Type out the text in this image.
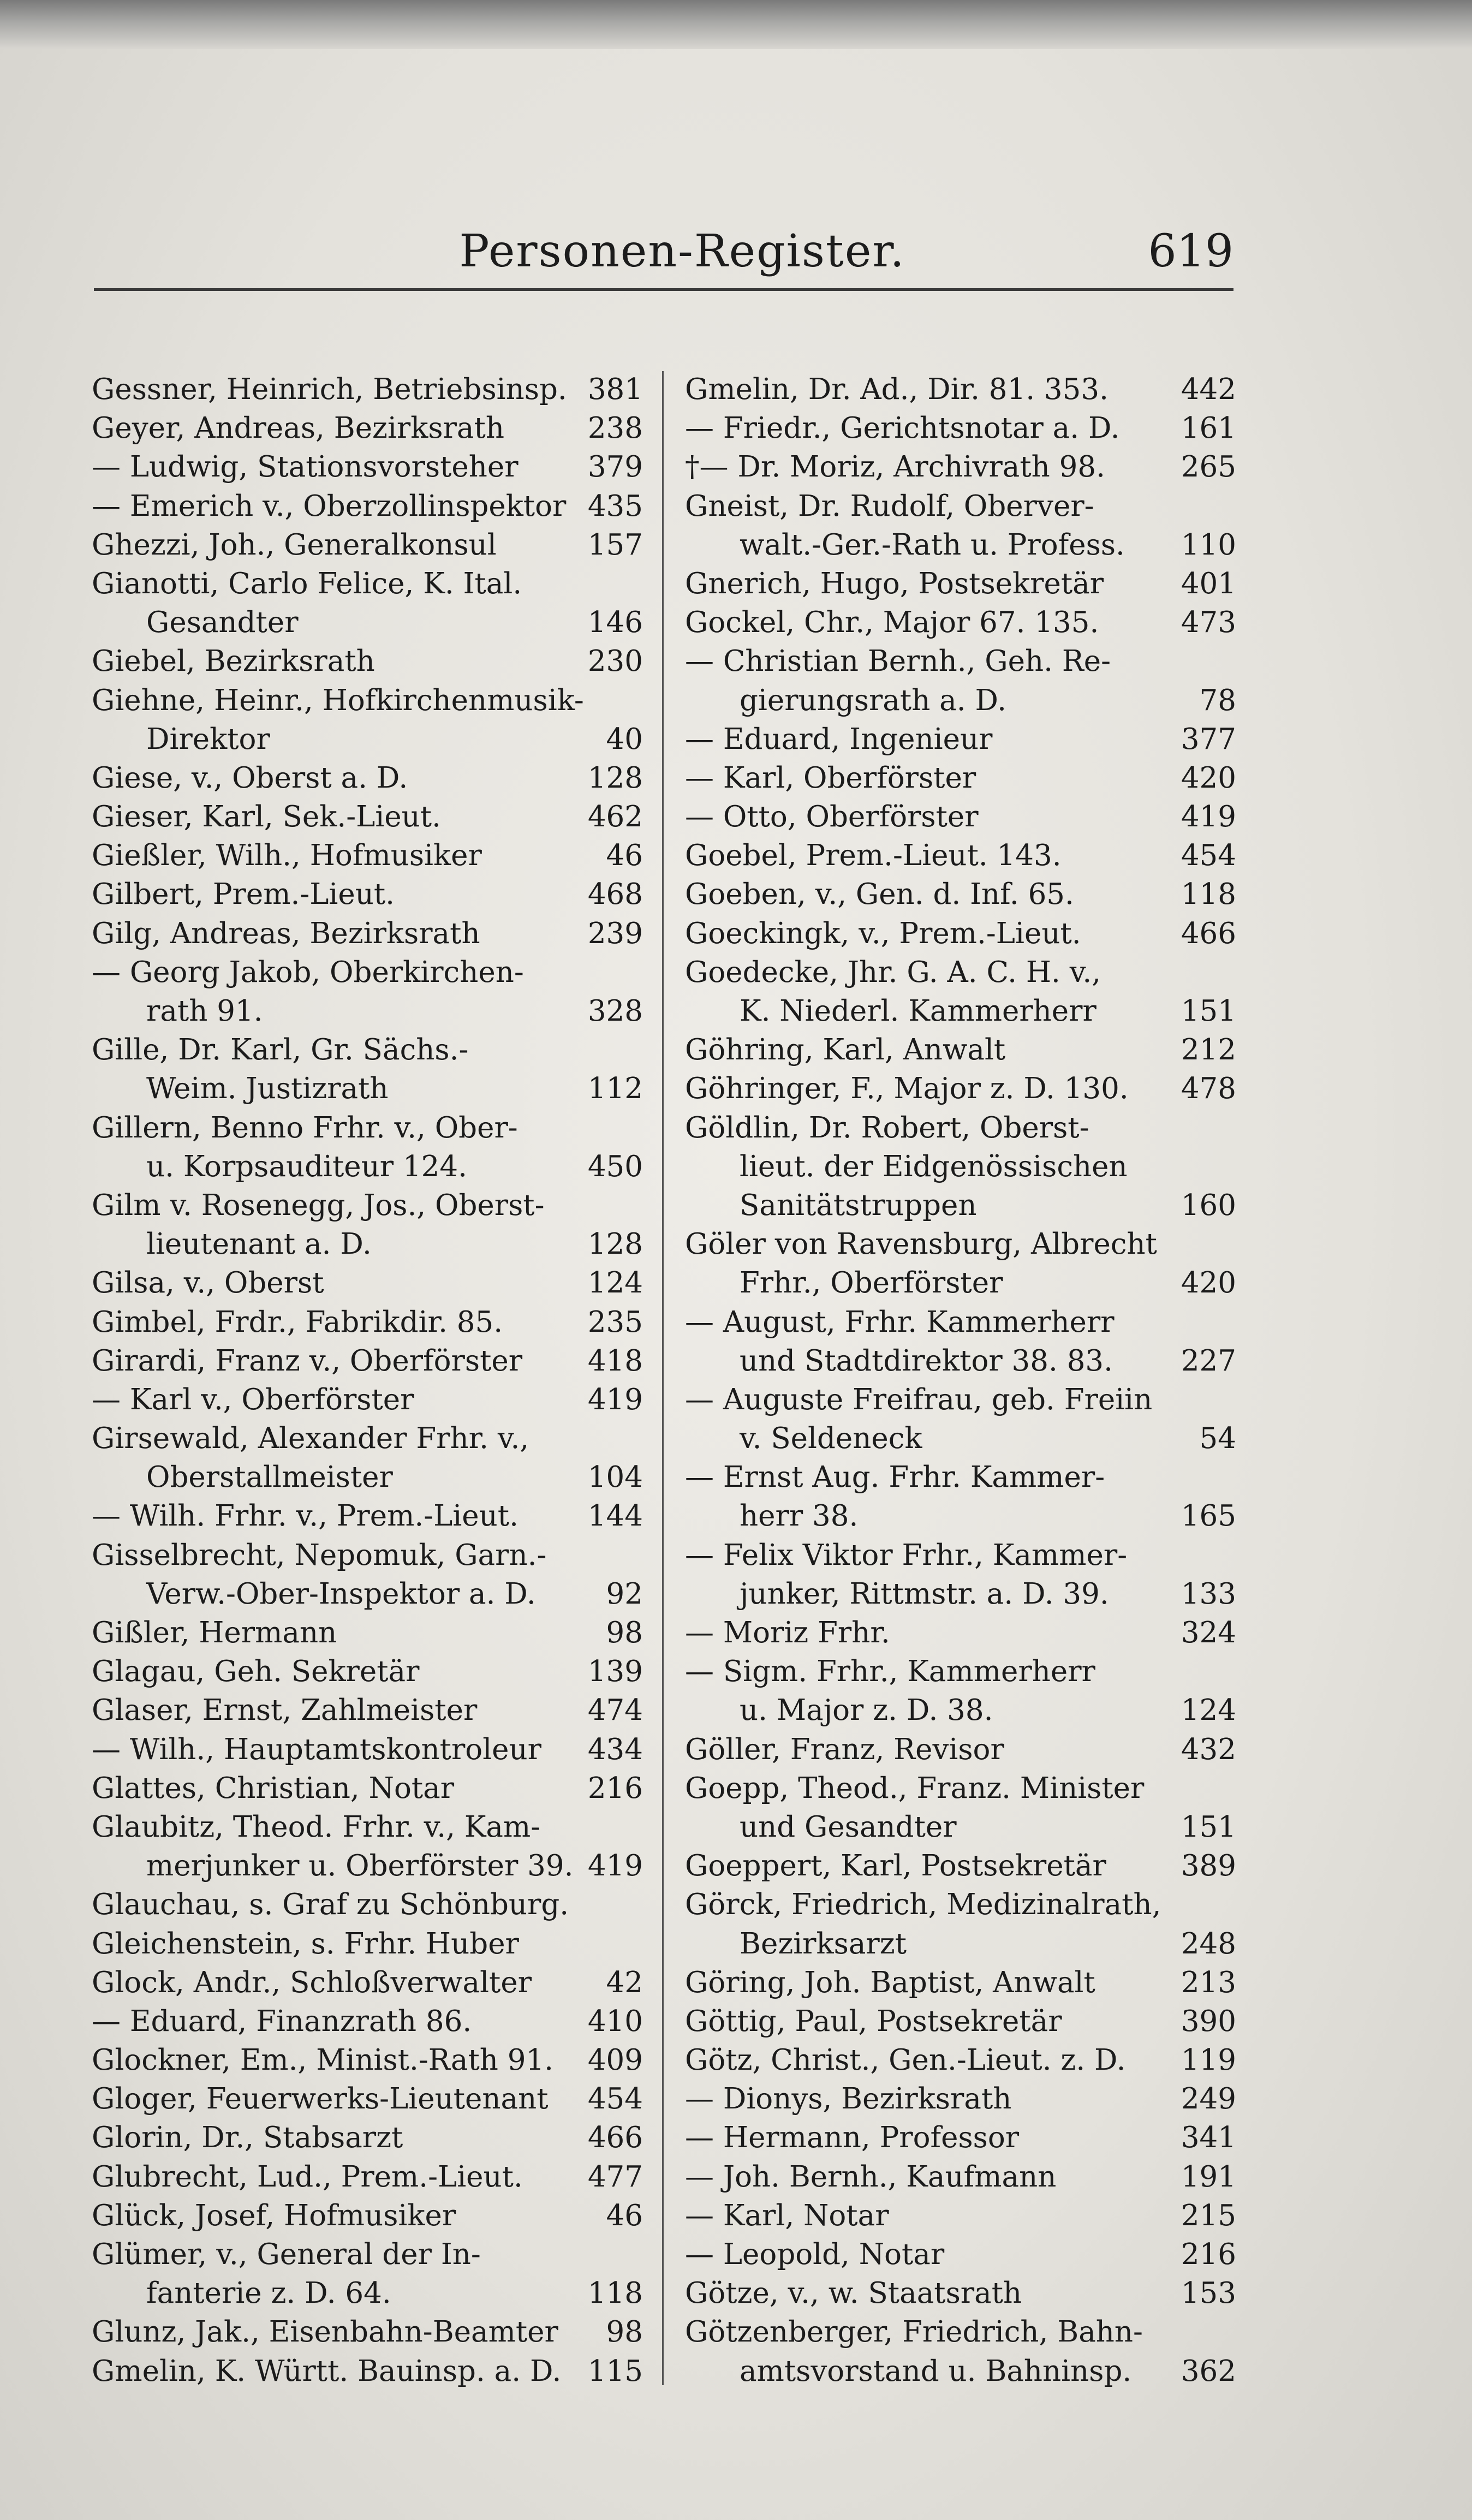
Personen-Register.	619
Gessner, Heinrich, Betriebsinsp. 381
Geyer, Andreas, Bezirksrath	238
— Ludwig, Stationsvorsteher 379
— Emerich v., Oberzollinspektor 435
Ghezzi, Joh., Generalkonsul	157
Gianotti, Carlo Felice, K. Ital.
Gesandter	146
Giebel, Bezirksrath	230
Giehne, Heinr., Hofkirchenmusik-
Direktor	40
Giese, v., Oberst a. D.	128
Gieser, Karl, Sek.-Lieut.	462
Gießler, Wilh., Hofmusiker	46
Gilbert, Prem.-Lieut.	468
Gilg, Andreas, Bezirksrath	239
— Georg Jakob, Oberkirchen-
rath 91.	328
Gille, Dr. Karl, Gr. Sächs.-
Weim. Justizrath	112
Gillern, Benno Frhr. v., Ober-
u. Korpsauditeur 124.	450
Gilm v. Rosenegg, Jos., Oberst-
lieutenant a. D.	128
Gilsa, v., Oberst	124
Gimbel, Frdr., Fabrikdir. 85.	235
Girardi, Franz v., Oberförster 418
— Karl v., Oberförster	419
Girsewald, Alexander Frhr. v.,
Oberstallmeister	104
— Wilh. Frhr. v., Prem.-Lieut. 144
Gisselbrecht, Nepomuk, Garn.-
Verw.-Ober-Inspektor a. D. 92
Gißler, Hermann	98
Glagau, Geh. Sekretär	139
Glaser, Ernst, Zahlmeister	474
— Wilh., Hauptamtskontroleur 434
Glattes, Christian, Notar	216
Glaubitz, Theod. Frhr. v., Kam-
merjunker u. Oberförster 39. 419
Glauchau, s. Graf zu Schönburg.
Gleichenstein, s. Frhr. Huber
Glock, Andr., Schloßverwalter	42
— Eduard, Finanzrath 86.	410
Glockner, Em., Minist.-Rath 91. 409
Gloger, Feuerwerks-Lieutenant 454
Glorin, Dr., Stabsarzt	466
Glubrecht, Lud., Prem.-Lieut. 477
Glück, Josef, Hofmusiker	46
Glümer, v., General der In-
fanterie z. D. 64.	118
Glunz, Jak., Eisenbahn-Beamter 98
Gmelin, K. Württ. Bauinsp. a. D. 115
Gmelin, Dr. Ad., Dir. 81. 353.	442
— Friedr., Gerichtsnotar a. D. 161
†— Dr. Moriz, Archivrath 98.	265
Gneist, Dr. Rudolf, Oberver-
walt.-Ger.-Rath u. Profess. 110
Gnerich, Hugo, Postsekretär	401
Gockel, Chr., Major 67. 135.	473
— Christian Bernh., Geh. Re-
gierungsrath a. D.	78
— Eduard, Ingenieur	377
— Karl, Oberförster	420
— Otto, Oberförster	419
Goebel, Prem.-Lieut. 143.	454
Goeben, v., Gen. d. Inf. 65.	118
Goeckingk, v., Prem.-Lieut.	466
Goedecke, Jhr. G. A. C. H. v.,
K. Niederl. Kammerherr	151
Göhring, Karl, Anwalt	212
Göhringer, F., Major z. D. 130. 478
Göldlin, Dr. Robert, Oberst-
lieut. der Eidgenössischen
Sanitätstruppen	160
Göler von Ravensburg, Albrecht
Frhr., Oberförster	420
— August, Frhr. Kammerherr
und Stadtdirektor 38. 83. 227
— Auguste Freifrau, geb. Freiin
v. Seldeneck	54
— Ernst Aug. Frhr. Kammer-
herr 38.	165
— Felix Viktor Frhr., Kammer-
junker, Rittmstr. a. D. 39. 133
— Moriz Frhr.	324
— Sigm. Frhr., Kammerherr
u. Major z. D. 38.	124
Göller, Franz, Revisor	432
Goepp, Theod., Franz. Minister
und Gesandter	151
Goeppert, Karl, Postsekretär	389
Görck, Friedrich, Medizinalrath,
Bezirksarzt	248
Göring, Joh. Baptist, Anwalt	213
Göttig, Paul, Postsekretär	390
Götz, Christ., Gen.-Lieut. z. D. 119
— Dionys, Bezirksrath	249
— Hermann, Professor	341
— Joh. Bernh., Kaufmann	191
— Karl, Notar	215
— Leopold, Notar	216
Götze, v., w. Staatsrath	153
Götzenberger, Friedrich, Bahn-
amtsvorstand u. Bahninsp. 362
